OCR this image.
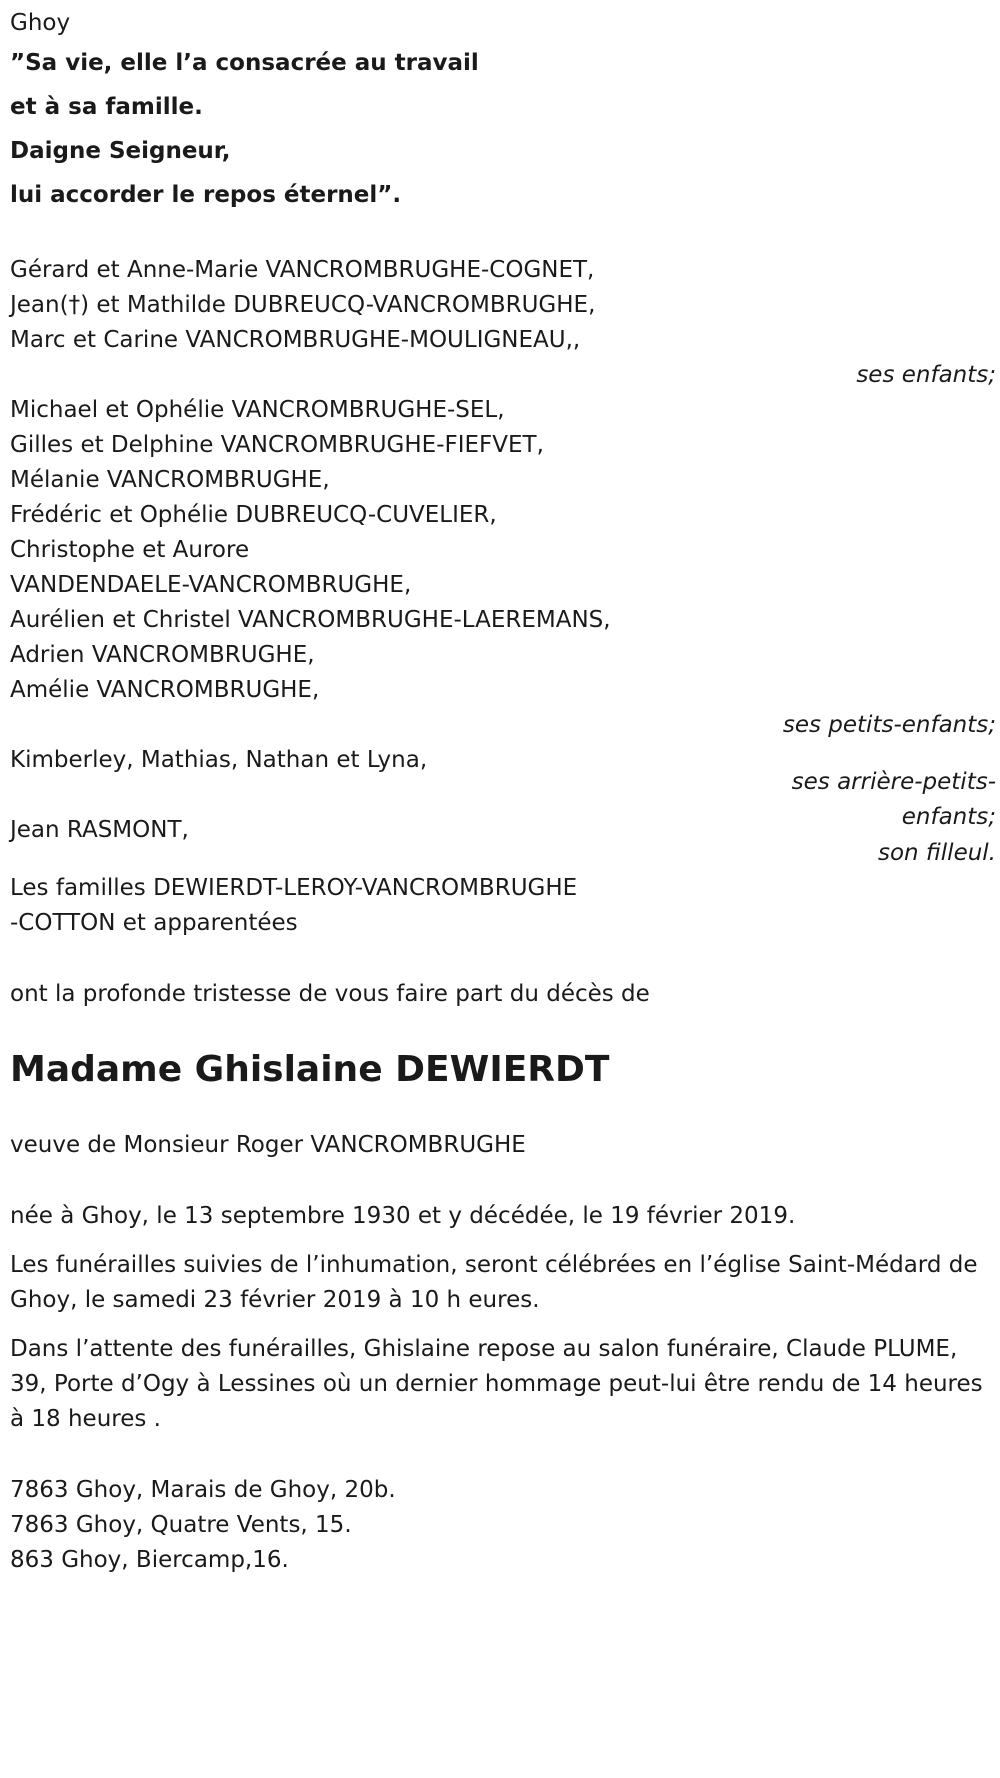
Ghoy
”Sa vie, elle l’a consacrée au travail
et à sa famille.
Daigne Seigneur,
lui accorder le repos éternel”.
Gérard et Anne-Marie VANCROMBRUGHE-COGNET,
Jean(†) et Mathilde DUBREUCQ-VANCROMBRUGHE,
Marc et Carine VANCROMBRUGHE-MOULIGNEAU,,
ses enfants;
Michael et Ophélie VANCROMBRUGHE-SEL,
Gilles et Delphine VANCROMBRUGHE-FIEFVET,
Mélanie VANCROMBRUGHE,
Frédéric et Ophélie DUBREUCQ-CUVELIER,
Christophe et Aurore
VANDENDAELE-VANCROMBRUGHE,
Aurélien et Christel VANCROMBRUGHE-LAEREMANS,
Adrien VANCROMBRUGHE,
Amélie VANCROMBRUGHE,
ses petits-enfants;
Kimberley, Mathias, Nathan et Lyna,
ses arrière-petits-
enfants;
Jean RASMONT,
son filleul.
Les familles DEWIERDT-LEROY-VANCROMBRUGHE
-COTTON et apparentées
ont la profonde tristesse de vous faire part du décès de
Madame Ghislaine DEWIERDT
veuve de Monsieur Roger VANCROMBRUGHE
née à Ghoy, le 13 septembre 1930 et y décédée, le 19 février 2019.
Les funérailles suivies de l’inhumation, seront célébrées en l’église Saint-Médard de Ghoy, le samedi 23 février 2019 à 10 h eures.
Dans l’attente des funérailles, Ghislaine repose au salon funéraire, Claude PLUME, 39, Porte d’Ogy à Lessines où un dernier hommage peut-lui être rendu de 14 heures à 18 heures .
7863 Ghoy, Marais de Ghoy, 20b.
7863 Ghoy, Quatre Vents, 15.
863 Ghoy, Biercamp,16.
